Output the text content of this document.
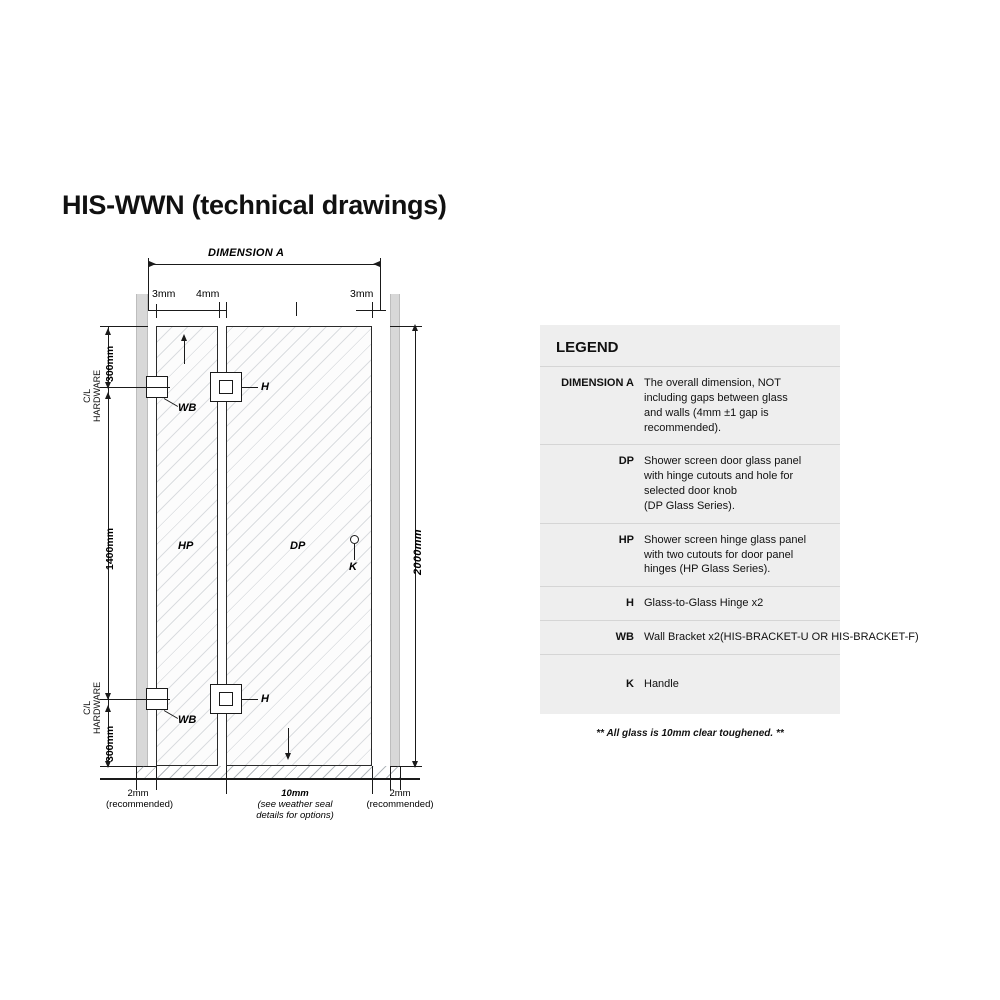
HIS-WWN (technical drawings)
DIMENSION A
3mm 4mm	3mm
HP	DP
H
H
WB
WB
K	2000mm
300mm
1400mm
300mm
C/L
HARDWARE
C/L
HARDWARE
2mm
(recommended)
10mm
(see weather seal
details for options)
2mm
(recommended)
LEGEND
DIMENSION A The overall dimension, NOT
including gaps between glass
and walls (4mm ±1 gap is
recommended).
DP Shower screen door glass panel
with hinge cutouts and hole for
selected door knob
(DP Glass Series).
HP Shower screen hinge glass panel
with two cutouts for door panel
hinges (HP Glass Series).
H Glass-to-Glass Hinge x2
WB Wall Bracket x2(HIS-BRACKET-U OR HIS-BRACKET-F)
K Handle
** All glass is 10mm clear toughened. **
